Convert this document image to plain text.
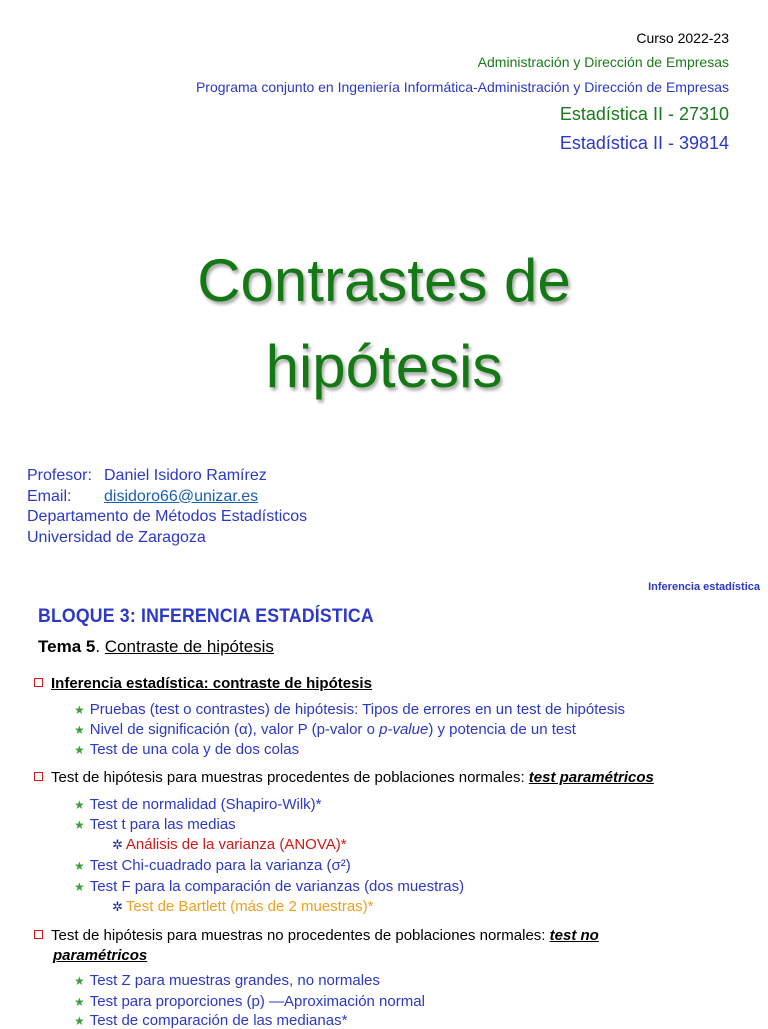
Curso 2022-23
Administración y Dirección de Empresas
Programa conjunto en Ingeniería Informática-Administración y Dirección de Empresas
Estadística II - 27310
Estadística II - 39814
Contrastes de
hipótesis
Profesor: Daniel Isidoro Ramírez
Email: disidoro66@unizar.es
Departamento de Métodos Estadísticos
Universidad de Zaragoza
Inferencia estadística
BLOQUE 3: INFERENCIA ESTADÍSTICA
Tema 5. Contraste de hipótesis
Inferencia estadística: contraste de hipótesis
★ Pruebas (test o contrastes) de hipótesis: Tipos de errores en un test de hipótesis
★ Nivel de significación (α), valor P (p-valor o p-value) y potencia de un test
★ Test de una cola y de dos colas
Test de hipótesis para muestras procedentes de poblaciones normales: test paramétricos
★ Test de normalidad (Shapiro-Wilk)*
★ Test t para las medias
✲ Análisis de la varianza (ANOVA)*
★ Test Chi-cuadrado para la varianza (σ²)
★ Test F para la comparación de varianzas (dos muestras)
✲ Test de Bartlett (más de 2 muestras)*
Test de hipótesis para muestras no procedentes de poblaciones normales: test no
paramétricos
★ Test Z para muestras grandes, no normales
★ Test para proporciones (p) —Aproximación normal
★ Test de comparación de las medianas*
